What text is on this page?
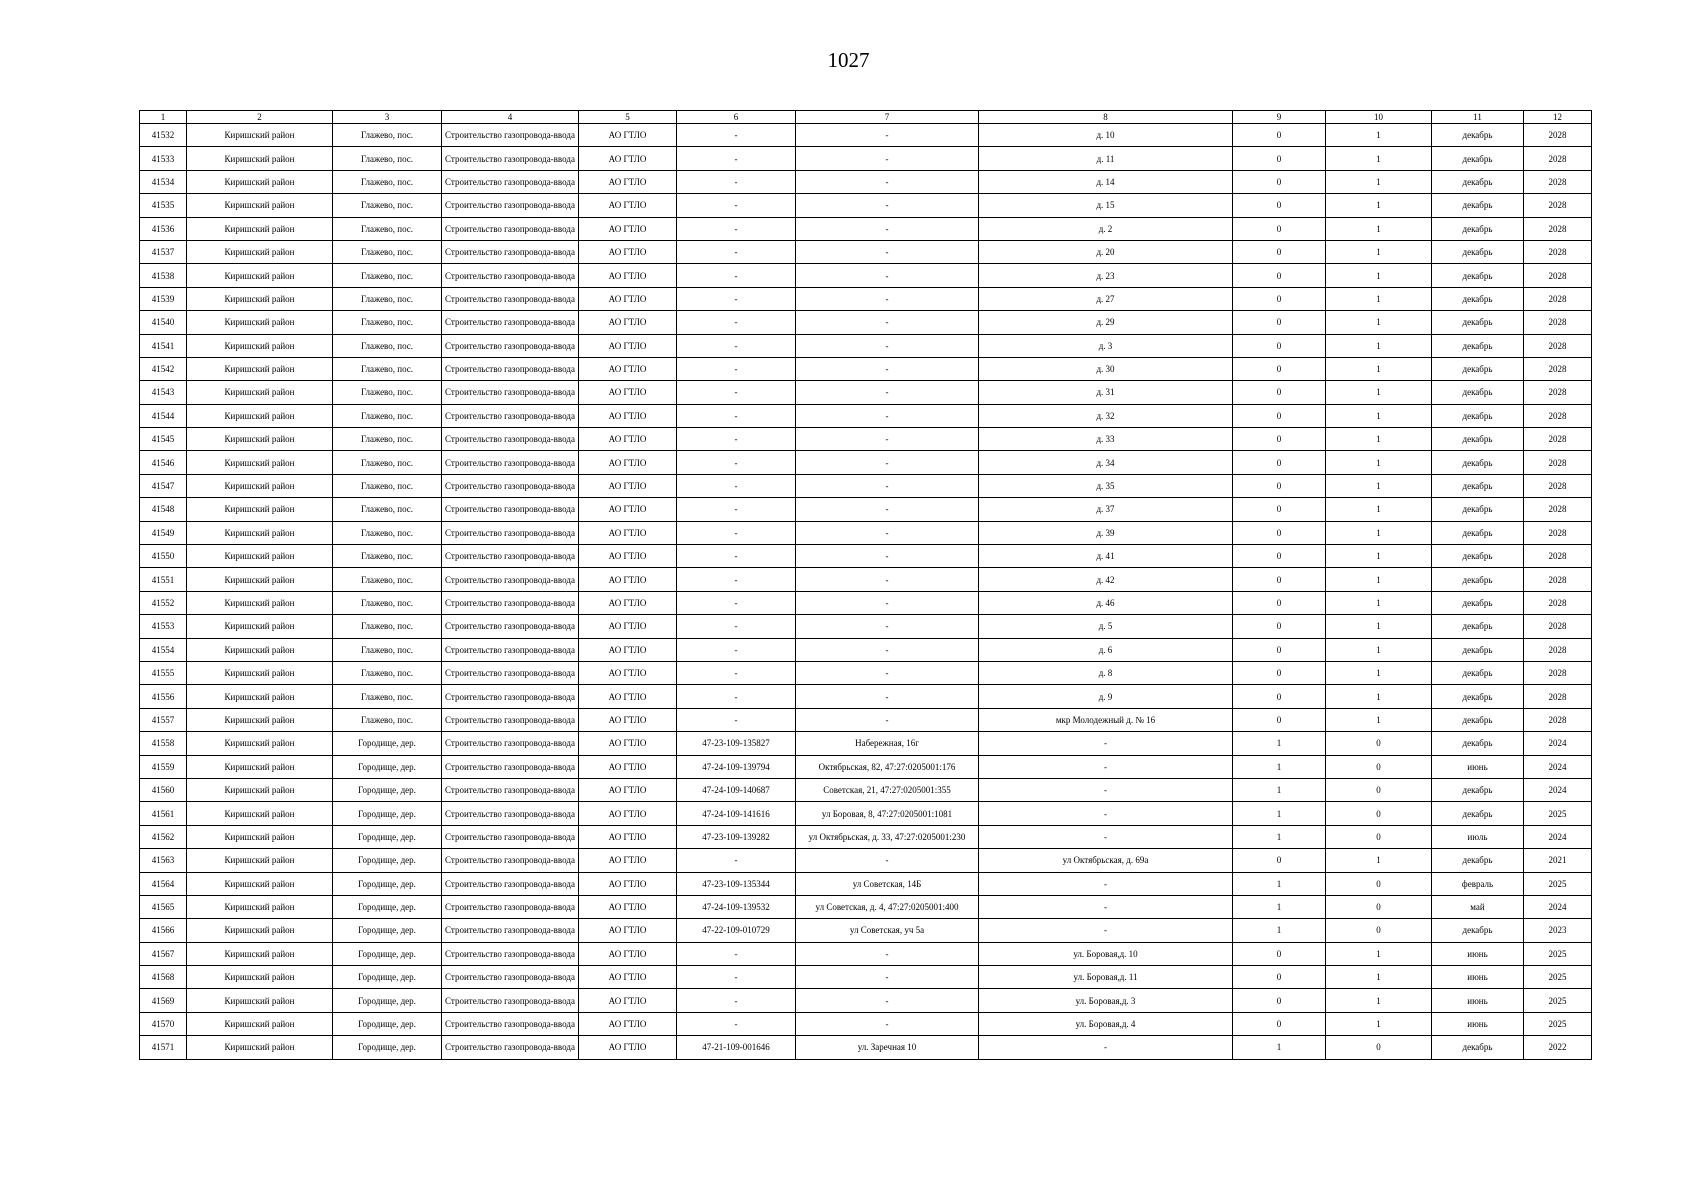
1027
1	2	3	4	5	6	7	8	9	10	11	12
41532	Киришский район	Глажево, пос.	Строительство газопровода-ввода	АО ГТЛО	-	-	д. 10	0	1	декабрь	2028
41533	Киришский район	Глажево, пос.	Строительство газопровода-ввода	АО ГТЛО	-	-	д. 11	0	1	декабрь	2028
41534	Киришский район	Глажево, пос.	Строительство газопровода-ввода	АО ГТЛО	-	-	д. 14	0	1	декабрь	2028
41535	Киришский район	Глажево, пос.	Строительство газопровода-ввода	АО ГТЛО	-	-	д. 15	0	1	декабрь	2028
41536	Киришский район	Глажево, пос.	Строительство газопровода-ввода	АО ГТЛО	-	-	д. 2	0	1	декабрь	2028
41537	Киришский район	Глажево, пос.	Строительство газопровода-ввода	АО ГТЛО	-	-	д. 20	0	1	декабрь	2028
41538	Киришский район	Глажево, пос.	Строительство газопровода-ввода	АО ГТЛО	-	-	д. 23	0	1	декабрь	2028
41539	Киришский район	Глажево, пос.	Строительство газопровода-ввода	АО ГТЛО	-	-	д. 27	0	1	декабрь	2028
41540	Киришский район	Глажево, пос.	Строительство газопровода-ввода	АО ГТЛО	-	-	д. 29	0	1	декабрь	2028
41541	Киришский район	Глажево, пос.	Строительство газопровода-ввода	АО ГТЛО	-	-	д. 3	0	1	декабрь	2028
41542	Киришский район	Глажево, пос.	Строительство газопровода-ввода	АО ГТЛО	-	-	д. 30	0	1	декабрь	2028
41543	Киришский район	Глажево, пос.	Строительство газопровода-ввода	АО ГТЛО	-	-	д. 31	0	1	декабрь	2028
41544	Киришский район	Глажево, пос.	Строительство газопровода-ввода	АО ГТЛО	-	-	д. 32	0	1	декабрь	2028
41545	Киришский район	Глажево, пос.	Строительство газопровода-ввода	АО ГТЛО	-	-	д. 33	0	1	декабрь	2028
41546	Киришский район	Глажево, пос.	Строительство газопровода-ввода	АО ГТЛО	-	-	д. 34	0	1	декабрь	2028
41547	Киришский район	Глажево, пос.	Строительство газопровода-ввода	АО ГТЛО	-	-	д. 35	0	1	декабрь	2028
41548	Киришский район	Глажево, пос.	Строительство газопровода-ввода	АО ГТЛО	-	-	д. 37	0	1	декабрь	2028
41549	Киришский район	Глажево, пос.	Строительство газопровода-ввода	АО ГТЛО	-	-	д. 39	0	1	декабрь	2028
41550	Киришский район	Глажево, пос.	Строительство газопровода-ввода	АО ГТЛО	-	-	д. 41	0	1	декабрь	2028
41551	Киришский район	Глажево, пос.	Строительство газопровода-ввода	АО ГТЛО	-	-	д. 42	0	1	декабрь	2028
41552	Киришский район	Глажево, пос.	Строительство газопровода-ввода	АО ГТЛО	-	-	д. 46	0	1	декабрь	2028
41553	Киришский район	Глажево, пос.	Строительство газопровода-ввода	АО ГТЛО	-	-	д. 5	0	1	декабрь	2028
41554	Киришский район	Глажево, пос.	Строительство газопровода-ввода	АО ГТЛО	-	-	д. 6	0	1	декабрь	2028
41555	Киришский район	Глажево, пос.	Строительство газопровода-ввода	АО ГТЛО	-	-	д. 8	0	1	декабрь	2028
41556	Киришский район	Глажево, пос.	Строительство газопровода-ввода	АО ГТЛО	-	-	д. 9	0	1	декабрь	2028
41557	Киришский район	Глажево, пос.	Строительство газопровода-ввода	АО ГТЛО	-	-	мкр Молодежный д. № 16	0	1	декабрь	2028
41558	Киришский район	Городище, дер.	Строительство газопровода-ввода	АО ГТЛО	47-23-109-135827	Набережная, 16г	-	1	0	декабрь	2024
41559	Киришский район	Городище, дер.	Строительство газопровода-ввода	АО ГТЛО	47-24-109-139794	Октябрьская, 82, 47:27:0205001:176	-	1	0	июнь	2024
41560	Киришский район	Городище, дер.	Строительство газопровода-ввода	АО ГТЛО	47-24-109-140687	Советская, 21, 47:27:0205001:355	-	1	0	декабрь	2024
41561	Киришский район	Городище, дер.	Строительство газопровода-ввода	АО ГТЛО	47-24-109-141616	ул Боровая, 8, 47:27:0205001:1081	-	1	0	декабрь	2025
41562	Киришский район	Городище, дер.	Строительство газопровода-ввода	АО ГТЛО	47-23-109-139282	ул Октябрьская, д. 33, 47:27:0205001:230	-	1	0	июль	2024
41563	Киришский район	Городище, дер.	Строительство газопровода-ввода	АО ГТЛО	-	-	ул Октябрьская, д. 69а	0	1	декабрь	2021
41564	Киришский район	Городище, дер.	Строительство газопровода-ввода	АО ГТЛО	47-23-109-135344	ул Советская, 14Б	-	1	0	февраль	2025
41565	Киришский район	Городище, дер.	Строительство газопровода-ввода	АО ГТЛО	47-24-109-139532	ул Советская, д. 4, 47:27:0205001:400	-	1	0	май	2024
41566	Киришский район	Городище, дер.	Строительство газопровода-ввода	АО ГТЛО	47-22-109-010729	ул Советская, уч 5а	-	1	0	декабрь	2023
41567	Киришский район	Городище, дер.	Строительство газопровода-ввода	АО ГТЛО	-	-	ул. Боровая,д. 10	0	1	июнь	2025
41568	Киришский район	Городище, дер.	Строительство газопровода-ввода	АО ГТЛО	-	-	ул. Боровая,д. 11	0	1	июнь	2025
41569	Киришский район	Городище, дер.	Строительство газопровода-ввода	АО ГТЛО	-	-	ул. Боровая,д. 3	0	1	июнь	2025
41570	Киришский район	Городище, дер.	Строительство газопровода-ввода	АО ГТЛО	-	-	ул. Боровая,д. 4	0	1	июнь	2025
41571	Киришский район	Городище, дер.	Строительство газопровода-ввода	АО ГТЛО	47-21-109-001646	ул. Заречная 10	-	1	0	декабрь	2022
